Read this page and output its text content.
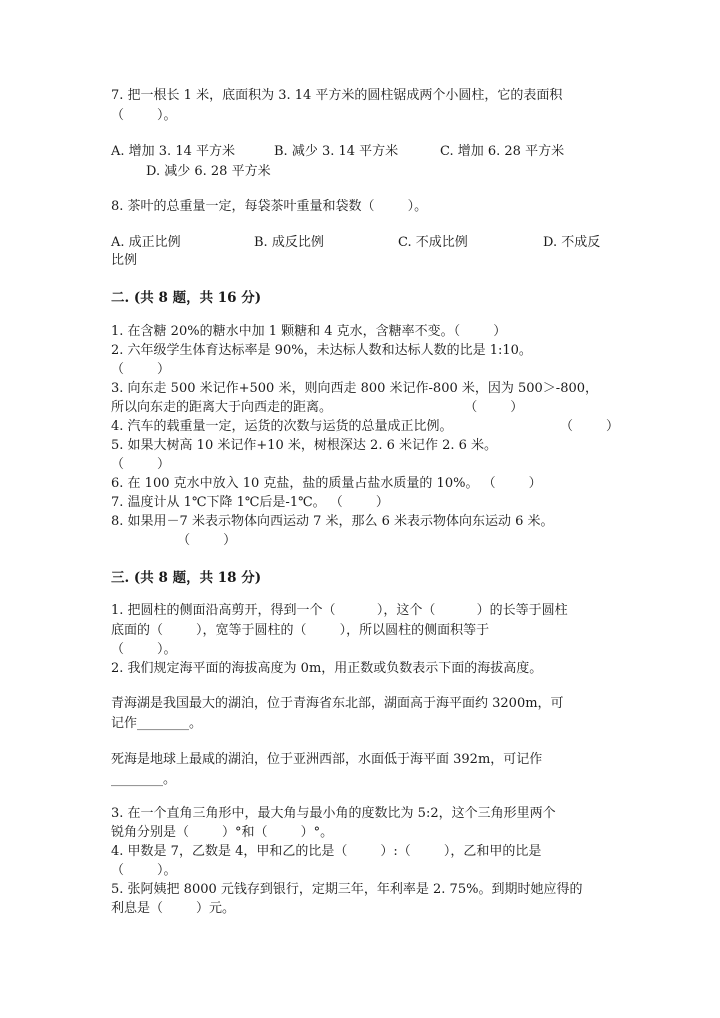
7. 把一根长 1 米，底面积为 3. 14 平方米的圆柱锯成两个小圆柱，它的表面积
（        ）。
A. 增加 3. 14 平方米	B. 减少 3. 14 平方米	C. 增加 6. 28 平方米
D. 减少 6. 28 平方米
8. 茶叶的总重量一定，每袋茶叶重量和袋数（        ）。
A. 成正比例	B. 成反比例	C. 不成比例	D. 不成反
比例
二. (共 8 题，共 16 分)
1. 在含糖 20%的糖水中加 1 颗糖和 4 克水，含糖率不变。（        ）
2. 六年级学生体育达标率是 90%，未达标人数和达标人数的比是 1:10。
（        ）
3. 向东走 500 米记作+500 米，则向西走 800 米记作-800 米，因为 500＞-800，
所以向东走的距离大于向西走的距离。                                （        ）
4. 汽车的载重量一定，运货的次数与运货的总量成正比例。                          （        ）
5. 如果大树高 10 米记作+10 米，树根深达 2. 6 米记作 2. 6 米。
（        ）
6. 在 100 克水中放入 10 克盐，盐的质量占盐水质量的 10%。 （        ）
7. 温度计从 1℃下降 1℃后是-1℃。 （        ）
8. 如果用－7 米表示物体向西运动 7 米，那么 6 米表示物体向东运动 6 米。
（        ）
三. (共 8 题，共 18 分)
1. 把圆柱的侧面沿高剪开，得到一个（          ），这个（          ）的长等于圆柱
底面的（        ），宽等于圆柱的（        ），所以圆柱的侧面积等于
（        ）。
2. 我们规定海平面的海拔高度为 0m，用正数或负数表示下面的海拔高度。
青海湖是我国最大的湖泊，位于青海省东北部，湖面高于海平面约 3200m，可
记作________。
死海是地球上最咸的湖泊，位于亚洲西部，水面低于海平面 392m，可记作
________。
3. 在一个直角三角形中，最大角与最小角的度数比为 5:2，这个三角形里两个
锐角分别是（        ）°和（        ）°。
4. 甲数是 7，乙数是 4，甲和乙的比是（        ）:（        ），乙和甲的比是
（        ）。
5. 张阿姨把 8000 元钱存到银行，定期三年，年利率是 2. 75%。到期时她应得的
利息是（        ）元。
